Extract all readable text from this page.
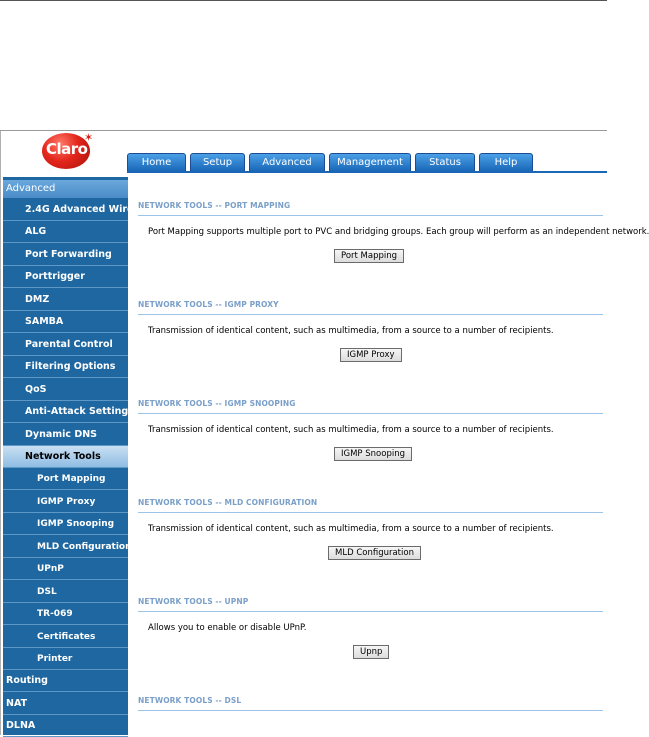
Claro
✶
Home	Setup	Advanced	Management	Status	Help
Advanced
2.4G Advanced Wireless
ALG
Port Forwarding
Porttrigger
DMZ
SAMBA
Parental Control
Filtering Options
QoS
Anti-Attack Settings
Dynamic DNS
Network Tools
Port Mapping
IGMP Proxy
IGMP Snooping
MLD Configuration
UPnP
DSL
TR-069
Certificates
Printer
Routing
NAT
DLNA
NETWORK TOOLS -- PORT MAPPING
Port Mapping supports multiple port to PVC and bridging groups. Each group will perform as an independent network.
Port Mapping
NETWORK TOOLS -- IGMP PROXY
Transmission of identical content, such as multimedia, from a source to a number of recipients.
IGMP Proxy
NETWORK TOOLS -- IGMP SNOOPING
Transmission of identical content, such as multimedia, from a source to a number of recipients.
IGMP Snooping
NETWORK TOOLS -- MLD CONFIGURATION
Transmission of identical content, such as multimedia, from a source to a number of recipients.
MLD Configuration
NETWORK TOOLS -- UPNP
Allows you to enable or disable UPnP.
Upnp
NETWORK TOOLS -- DSL
